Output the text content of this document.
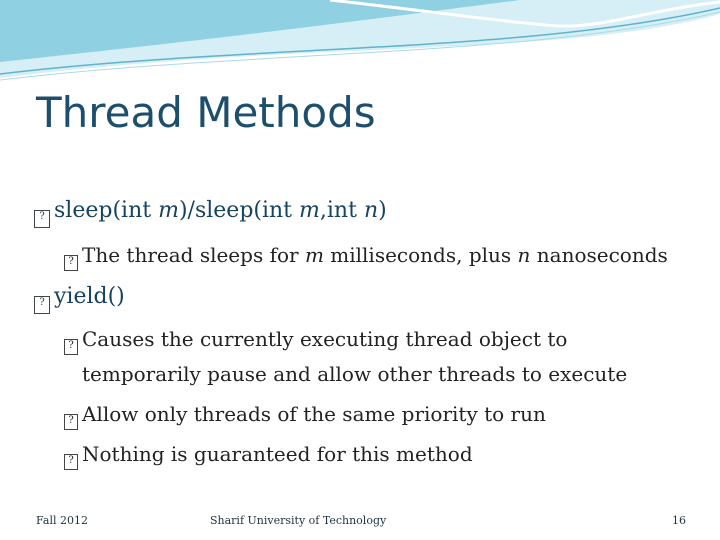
Thread Methods
? sleep(int m)/sleep(int m,int n)
? The thread sleeps for m milliseconds, plus n nanoseconds
? yield()
? Causes the currently executing thread object to
temporarily pause and allow other threads to execute
? Allow only threads of the same priority to run
? Nothing is guaranteed for this method
Fall 2012	Sharif University of Technology	16
